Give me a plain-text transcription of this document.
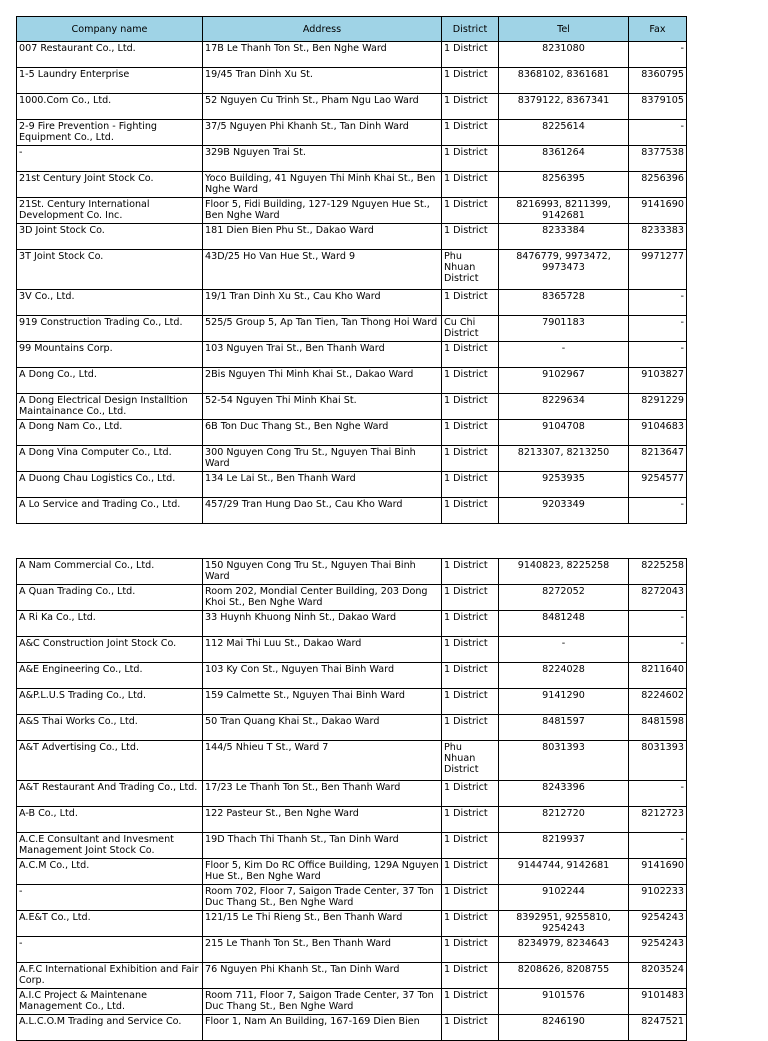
Company name	Address	District	Tel	Fax
007 Restaurant Co., Ltd.	17B Le Thanh Ton St., Ben Nghe Ward	1 District	8231080	-
1-5 Laundry Enterprise	19/45 Tran Dinh Xu St.	1 District	8368102, 8361681	8360795
1000.Com Co., Ltd.	52 Nguyen Cu Trinh St., Pham Ngu Lao Ward	1 District	8379122, 8367341	8379105
2-9 Fire Prevention - Fighting Equipment Co., Ltd.	37/5 Nguyen Phi Khanh St., Tan Dinh Ward	1 District	8225614	-
-	329B Nguyen Trai St.	1 District	8361264	8377538
21st Century Joint Stock Co.	Yoco Building, 41 Nguyen Thi Minh Khai St., Ben Nghe Ward	1 District	8256395	8256396
21St. Century International Development Co. Inc.	Floor 5, Fidi Building, 127-129 Nguyen Hue St., Ben Nghe Ward	1 District	8216993, 8211399, 9142681	9141690
3D Joint Stock Co.	181 Dien Bien Phu St., Dakao Ward	1 District	8233384	8233383
3T Joint Stock Co.	43D/25 Ho Van Hue St., Ward 9	Phu Nhuan District	8476779, 9973472, 9973473	9971277
3V Co., Ltd.	19/1 Tran Dinh Xu St., Cau Kho Ward	1 District	8365728	-
919 Construction Trading Co., Ltd.	525/5 Group 5, Ap Tan Tien, Tan Thong Hoi Ward	Cu Chi District	7901183	-
99 Mountains Corp.	103 Nguyen Trai St., Ben Thanh Ward	1 District	-	-
A Dong Co., Ltd.	2Bis Nguyen Thi Minh Khai St., Dakao Ward	1 District	9102967	9103827
A Dong Electrical Design Installtion Maintainance Co., Ltd.	52-54 Nguyen Thi Minh Khai St.	1 District	8229634	8291229
A Dong Nam Co., Ltd.	6B Ton Duc Thang St., Ben Nghe Ward	1 District	9104708	9104683
A Dong Vina Computer Co., Ltd.	300 Nguyen Cong Tru St., Nguyen Thai Binh Ward	1 District	8213307, 8213250	8213647
A Duong Chau Logistics Co., Ltd.	134 Le Lai St., Ben Thanh Ward	1 District	9253935	9254577
A Lo Service and Trading Co., Ltd.	457/29 Tran Hung Dao St., Cau Kho Ward	1 District	9203349	-
A Nam Commercial Co., Ltd.	150 Nguyen Cong Tru St., Nguyen Thai Binh Ward	1 District	9140823, 8225258	8225258
A Quan Trading Co., Ltd.	Room 202, Mondial Center Building, 203 Dong Khoi St., Ben Nghe Ward	1 District	8272052	8272043
A Ri Ka Co., Ltd.	33 Huynh Khuong Ninh St., Dakao Ward	1 District	8481248	-
A&C Construction Joint Stock Co.	112 Mai Thi Luu St., Dakao Ward	1 District	-	-
A&E Engineering Co., Ltd.	103 Ky Con St., Nguyen Thai Binh Ward	1 District	8224028	8211640
A&P.L.U.S Trading Co., Ltd.	159 Calmette St., Nguyen Thai Binh Ward	1 District	9141290	8224602
A&S Thai Works Co., Ltd.	50 Tran Quang Khai St., Dakao Ward	1 District	8481597	8481598
A&T Advertising Co., Ltd.	144/5 Nhieu T St., Ward 7	Phu Nhuan District	8031393	8031393
A&T Restaurant And Trading Co., Ltd.	17/23 Le Thanh Ton St., Ben Thanh Ward	1 District	8243396	-
A-B Co., Ltd.	122 Pasteur St., Ben Nghe Ward	1 District	8212720	8212723
A.C.E Consultant and Invesment Management Joint Stock Co.	19D Thach Thi Thanh St., Tan Dinh Ward	1 District	8219937	-
A.C.M Co., Ltd.	Floor 5, Kim Do RC Office Building, 129A Nguyen Hue St., Ben Nghe Ward	1 District	9144744, 9142681	9141690
-	Room 702, Floor 7, Saigon Trade Center, 37 Ton Duc Thang St., Ben Nghe Ward	1 District	9102244	9102233
A.E&T Co., Ltd.	121/15 Le Thi Rieng St., Ben Thanh Ward	1 District	8392951, 9255810, 9254243	9254243
-	215 Le Thanh Ton St., Ben Thanh Ward	1 District	8234979, 8234643	9254243
A.F.C International Exhibition and Fair Corp.	76 Nguyen Phi Khanh St., Tan Dinh Ward	1 District	8208626, 8208755	8203524
A.I.C Project & Maintenane Management Co., Ltd.	Room 711, Floor 7, Saigon Trade Center, 37 Ton Duc Thang St., Ben Nghe Ward	1 District	9101576	9101483
A.L.C.O.M Trading and Service Co.	Floor 1, Nam An Building, 167-169 Dien Bien	1 District	8246190	8247521
